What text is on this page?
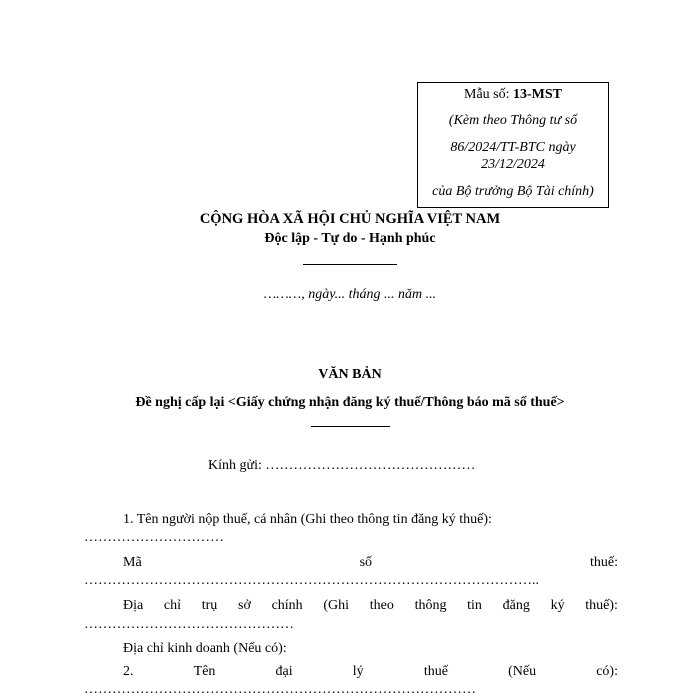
Mẫu số: 13-MST
(Kèm theo Thông tư số
86/2024/TT-BTC ngày
23/12/2024
của Bộ trưởng Bộ Tài chính)
CỘNG HÒA XÃ HỘI CHỦ NGHĨA VIỆT NAM
Độc lập - Tự do - Hạnh phúc
………, ngày... tháng ... năm ...
VĂN BẢN
Đề nghị cấp lại <Giấy chứng nhận đăng ký thuế/Thông báo mã số thuế>
Kính gửi: ………………………………………
1. Tên người nộp thuế, cá nhân (Ghi theo thông tin đăng ký thuế):
…………………………
Mã	số	thuế:
……………………………………………………………………………………..
Địa chỉ trụ sở chính (Ghi theo thông tin đăng ký thuế):
………………………………………
Địa chỉ kinh doanh (Nếu có):
2.	Tên	đại	lý	thuế	(Nếu	có):
…………………………………………………………………………
